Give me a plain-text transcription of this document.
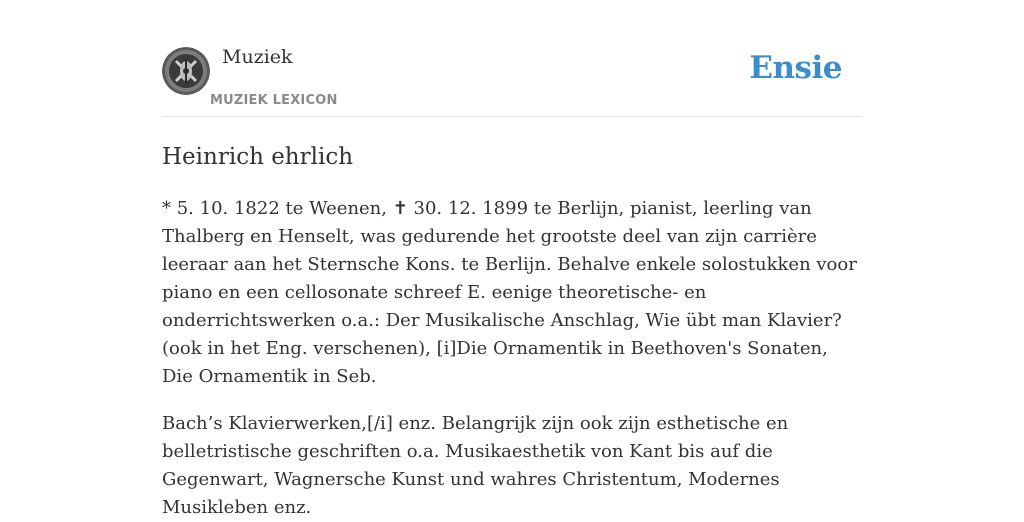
Muziek
MUZIEK LEXICON
Ensie
Heinrich ehrlich

* 5. 10. 1822 te Weenen, ✝ 30. 12. 1899 te Berlijn, pianist, leerling van Thalberg en Henselt, was gedurende het grootste deel van zijn carrière leeraar aan het Sternsche Kons. te Berlijn. Behalve enkele solostukken voor piano en een cellosonate schreef E. eenige theoretische- en onderrichtswerken o.a.: Der Musikalische Anschlag, Wie übt man Klavier? (ook in het Eng. verschenen), [i]Die Ornamentik in Beethoven's Sonaten, Die Ornamentik in Seb.

Bach’s Klavierwerken,[/i] enz. Belangrijk zijn ook zijn esthetische en belletristische geschriften o.a. Musikaesthetik von Kant bis auf die Gegenwart, Wagnersche Kunst und wahres Christentum, Modernes Musikleben enz.
